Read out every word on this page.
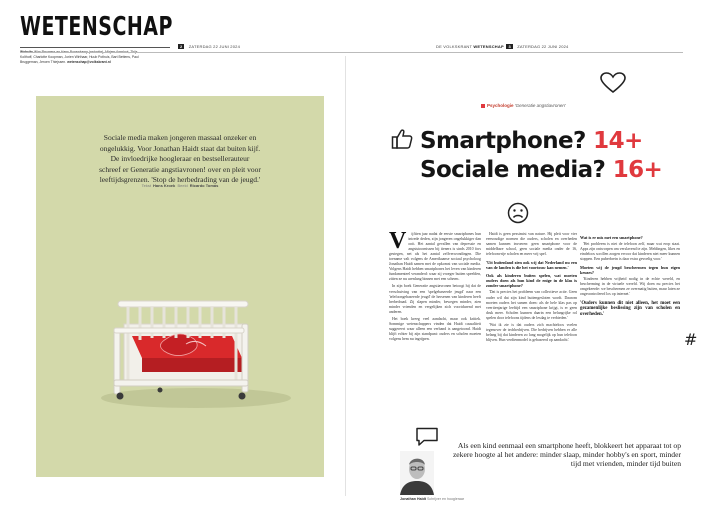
WETENSCHAP
Kolthoff, Charlotte Koopman, Jorien Wirthaar, Huub Pothuis, Bart Bettens, Paul Bruggeman, Jeroen Thiejssen. wetenschap@volkskrant.nl
2 ZATERDAG 22 JUNI 2024	DE VOLKSKRANT WETENSCHAP 3 ZATERDAG 22 JUNI 2024
Sociale media maken jongeren massaal onzeker en
ongelukkig. Voor Jonathan Haidt staat dat buiten kijf.
De invloedrijke hoogleraar en bestsellerauteur
schreef er Generatie angstiavronen! over en pleit voor
leeftijdsgrenzen. 'Stop de herbedrading van de jeugd.'
Tekst Hans Kroek Beeld Ricardo Tomás
#
Psychologie 'Generatie angstiavronen'
Smartphone? 14+
Sociale media? 16+
V	ijftien jaar nadat de eerste smartphones hun intrede deden, zijn jongeren ongelukkiger dan ooit. Het aantal gevallen van depressie en angststoornissen bij tieners is sinds 2010 fors gestegen, net als het aantal zelfverwondingen. Die toename valt volgens de Amerikaanse sociaal psycholoog Jonathan Haidt samen met de opkomst van sociale media. Volgens Haidt hebben smartphones het leven van kinderen fundamenteel veranderd: waar zij vroeger buiten speelden, zitten ze nu urenlang binnen met een scherm.

In zijn boek Generatie angstiavronen betoogt hij dat de verschuiving van een 'spelgebaseerde jeugd' naar een 'telefoongebaseerde jeugd' de hersenen van kinderen heeft herbedraad. Zij slapen minder, bewegen minder, zien minder vrienden en vergelijken zich voortdurend met anderen.

Het boek kreeg veel aandacht, maar ook kritiek. Sommige wetenschappers vinden dat Haidt causaliteit suggereert waar alleen een verband is aangetoond. Haidt blijft echter bij zijn standpunt: ouders en scholen moeten volgens hem nu ingrijpen.

Haidt is geen pessimist van nature. Hij pleit voor vier eenvoudige normen die ouders, scholen en overheden samen kunnen invoeren: geen smartphone voor de middelbare school, geen sociale media onder de 16, telefoonvrije scholen en meer vrij spel.

'Uit buitenland zien ook wij dat Nederland nu een van de landen is die het voortouw kan nemen.'

Ook als kinderen buiten spelen, wat moeten ouders doen als hun kind de enige in de klas is zonder smartphone?

'Dat is precies het probleem van collectieve actie. Geen ouder wil dat zijn kind buitengesloten wordt. Daarom moeten ouders het samen doen: als de hele klas pas op veertienjarige leeftijd een smartphone krijgt, is er geen druk meer. Scholen kunnen daarin een belangrijke rol spelen door telefoons tijdens de lesdag te verbieden.'

'Wat ik zie is dat ouders zich machteloos voelen tegenover de techbedrijven. Die bedrijven hebben er alle belang bij dat kinderen zo lang mogelijk op hun telefoon blijven. Hun verdienmodel is gebaseerd op aandacht.'

Wat is er mis met een smartphone?

'Het probleem is niet de telefoon zelf, maar wat erop staat. Apps zijn ontworpen om verslavend te zijn. Meldingen, likes en eindeloos scrollen zorgen ervoor dat kinderen niet meer kunnen stoppen. Een puberbrein is daar extra gevoelig voor.'

Moeten wij de jeugd beschermen tegen hun eigen keuzes?

'Kinderen hebben vrijheid nodig in de echte wereld, en bescherming in de virtuele wereld. Wij doen nu precies het omgekeerde: we beschermen ze overmatig buiten, maar laten ze ongecontroleerd los op internet.'

'Ouders kunnen dit niet alleen, het moet een gezamenlijke beslissing zijn van scholen en overheden.'

Als een kind eenmaal een smartphone heeft, blokkeert het apparaat tot op zekere hoogte al het andere: minder slaap, minder hobby's en sport, minder tijd met vrienden, minder tijd buiten
Jonathan Haidt Schrijver en hoogleraar
